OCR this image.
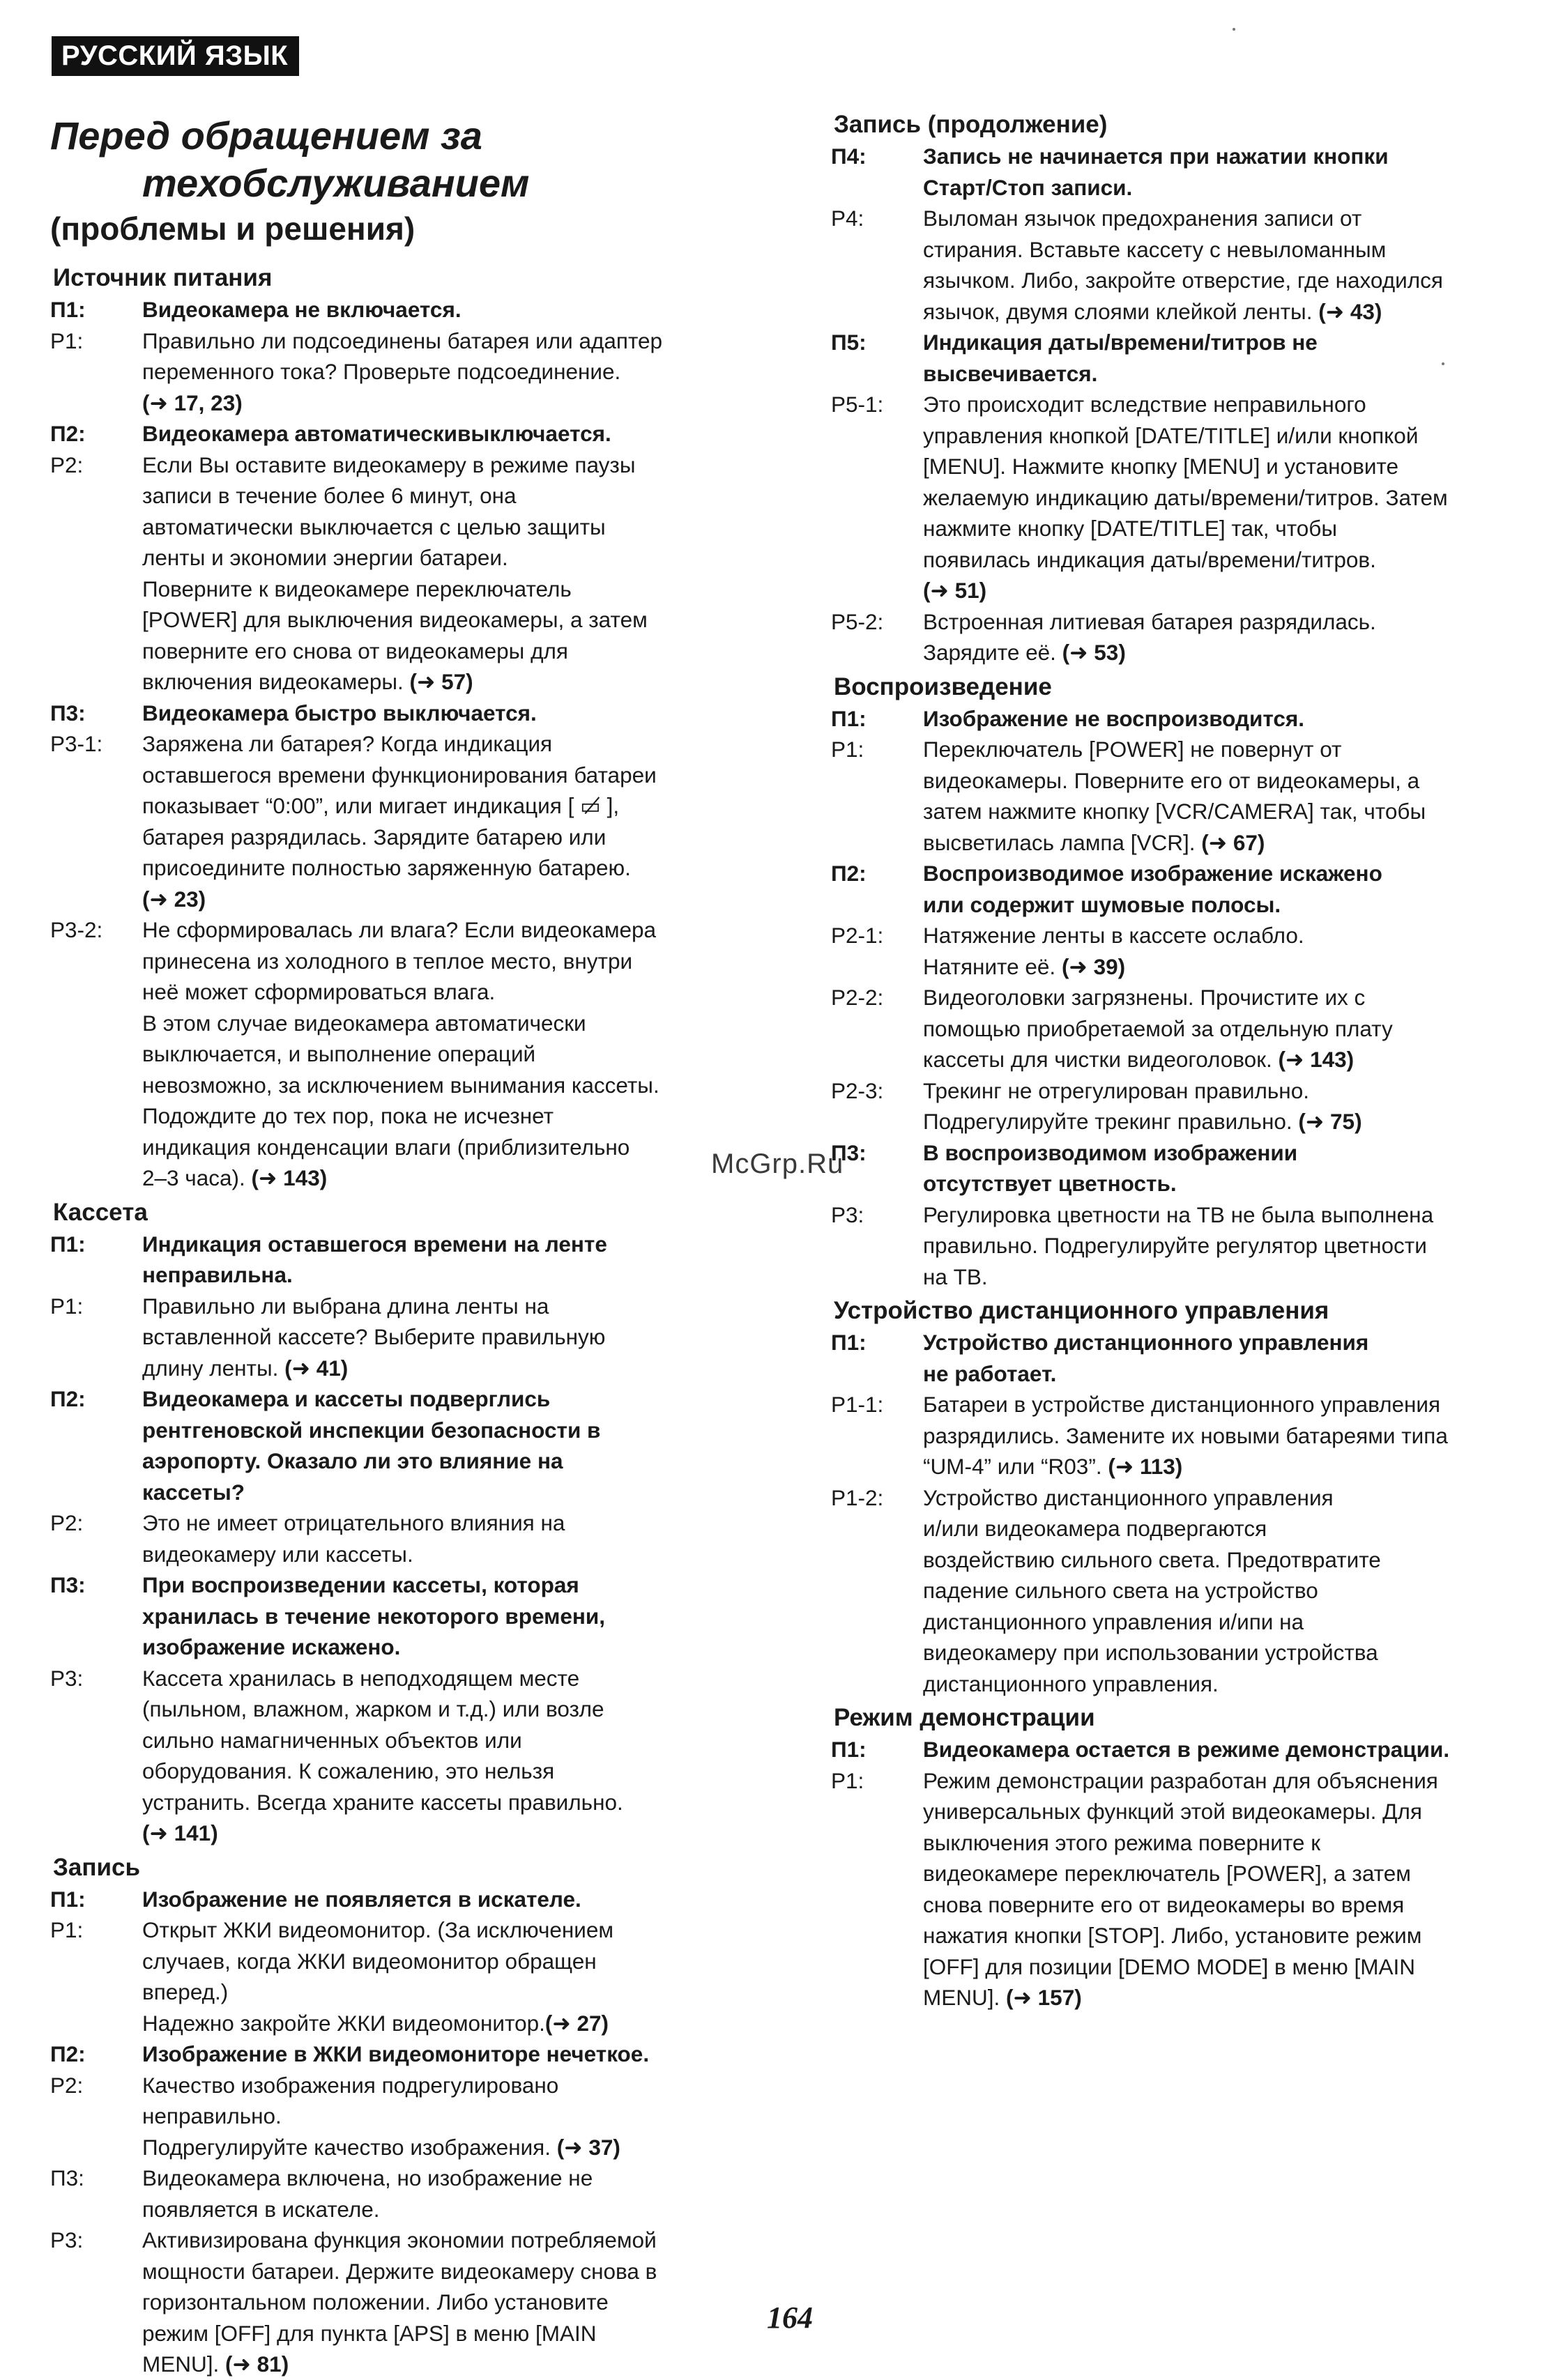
РУССКИЙ ЯЗЫК
Перед обращением за
техобслуживанием
(проблемы и решения)
Источник питания
П1:	Видеокамера не включается.
Р1:	Правильно ли подсоединены батарея или адаптер
переменного тока? Проверьте подсоединение.
(➜ 17, 23)
П2:	Видеокамера автоматическивыключается.
Р2:	Если Вы оставите видеокамеру в режиме паузы
записи в течение более 6 минут, она
автоматически выключается с целью защиты
ленты и экономии энергии батареи.
Поверните к видеокамере переключатель
[POWER] для выключения видеокамеры, а затем
поверните его снова от видеокамеры для
включения видеокамеры. (➜ 57)
П3:	Видеокамера быстро выключается.
Р3-1:	Заряжена ли батарея? Когда индикация
оставшегося времени функционирования батареи
показывает “0:00”, или мигает индикация [ ▭̸ ],
батарея разрядилась. Зарядите батарею или
присоедините полностью заряженную батарею.
(➜ 23)
Р3-2:	Не сформировалась ли влага? Если видеокамера
принесена из холодного в теплое место, внутри
неё может сформироваться влага.
В этом случае видеокамера автоматически
выключается, и выполнение операций
невозможно, за исключением вынимания кассеты.
Подождите до тех пор, пока не исчезнет
индикация конденсации влаги (приблизительно
2–3 часа). (➜ 143)
Кассета
П1:	Индикация оставшегося времени на ленте
неправильна.
Р1:	Правильно ли выбрана длина ленты на
вставленной кассете? Выберите правильную
длину ленты. (➜ 41)
П2:	Видеокамера и кассеты подверглись
рентгеновской инспекции безопасности в
аэропорту. Оказало ли это влияние на
кассеты?
Р2:	Это не имеет отрицательного влияния на
видеокамеру или кассеты.
П3:	При воспроизведении кассеты, которая
хранилась в течение некоторого времени,
изображение искажено.
Р3:	Кассета хранилась в неподходящем месте
(пыльном, влажном, жарком и т.д.) или возле
сильно намагниченных объектов или
оборудования. К сожалению, это нельзя
устранить. Всегда храните кассеты правильно.
(➜ 141)
Запись
П1:	Изображение не появляется в искателе.
Р1:	Открыт ЖКИ видеомонитор. (За исключением
случаев, когда ЖКИ видеомонитор обращен
вперед.)
Надежно закройте ЖКИ видеомонитор.(➜ 27)
П2:	Изображение в ЖКИ видеомониторе нечеткое.
Р2:	Качество изображения подрегулировано
неправильно.
Подрегулируйте качество изображения. (➜ 37)
П3:	Видеокамера включена, но изображение не
появляется в искателе.
Р3:	Активизирована функция экономии потребляемой
мощности батареи. Держите видеокамеру снова в
горизонтальном положении. Либо установите
режим [OFF] для пункта [APS] в меню [MAIN
MENU]. (➜ 81)
Запись (продолжение)
П4:	Запись не начинается при нажатии кнопки
Старт/Стоп записи.
Р4:	Выломан язычок предохранения записи от
стирания. Вставьте кассету с невыломанным
язычком. Либо, закройте отверстие, где находился
язычок, двумя слоями клейкой ленты. (➜ 43)
П5:	Индикация даты/времени/титров не
высвечивается.
Р5-1:	Это происходит вследствие неправильного
управления кнопкой [DATE/TITLE] и/или кнопкой
[MENU]. Нажмите кнопку [MENU] и установите
желаемую индикацию даты/времени/титров. Затем
нажмите кнопку [DATE/TITLE] так, чтобы
появилась индикация даты/времени/титров.
(➜ 51)
Р5-2:	Встроенная литиевая батарея разрядилась.
Зарядите её. (➜ 53)
Воспроизведение
П1:	Изображение не воспроизводится.
Р1:	Переключатель [POWER] не повернут от
видеокамеры. Поверните его от видеокамеры, а
затем нажмите кнопку [VCR/CAMERA] так, чтобы
высветилась лампа [VCR]. (➜ 67)
П2:	Воспроизводимое изображение искажено
или содержит шумовые полосы.
Р2-1:	Натяжение ленты в кассете ослабло.
Натяните её. (➜ 39)
Р2-2:	Видеоголовки загрязнены. Прочистите их с
помощью приобретаемой за отдельную плату
кассеты для чистки видеоголовок. (➜ 143)
Р2-3:	Трекинг не отрегулирован правильно.
Подрегулируйте трекинг правильно. (➜ 75)
П3:	В воспроизводимом изображении
отсутствует цветность.
Р3:	Регулировка цветности на ТВ не была выполнена
правильно. Подрегулируйте регулятор цветности
на ТВ.
Устройство дистанционного управления
П1:	Устройство дистанционного управления
не работает.
Р1-1:	Батареи в устройстве дистанционного управления
разрядились. Замените их новыми батареями типа
“UM-4” или “R03”. (➜ 113)
Р1-2:	Устройство дистанционного управления
и/или видеокамера подвергаются
воздействию сильного света. Предотвратите
падение сильного света на устройство
дистанционного управления и/ипи на
видеокамеру при использовании устройства
дистанционного управления.
Режим демонстрации
П1:	Видеокамера остается в режиме демонстрации.
Р1:	Режим демонстрации разработан для объяснения
универсальных функций этой видеокамеры. Для
выключения этого режима поверните к
видеокамере переключатель [POWER], а затем
снова поверните его от видеокамеры во время
нажатия кнопки [STOP]. Либо, установите режим
[OFF] для позиции [DEMO MODE] в меню [MAIN
MENU]. (➜ 157)
McGrp.Ru
164
